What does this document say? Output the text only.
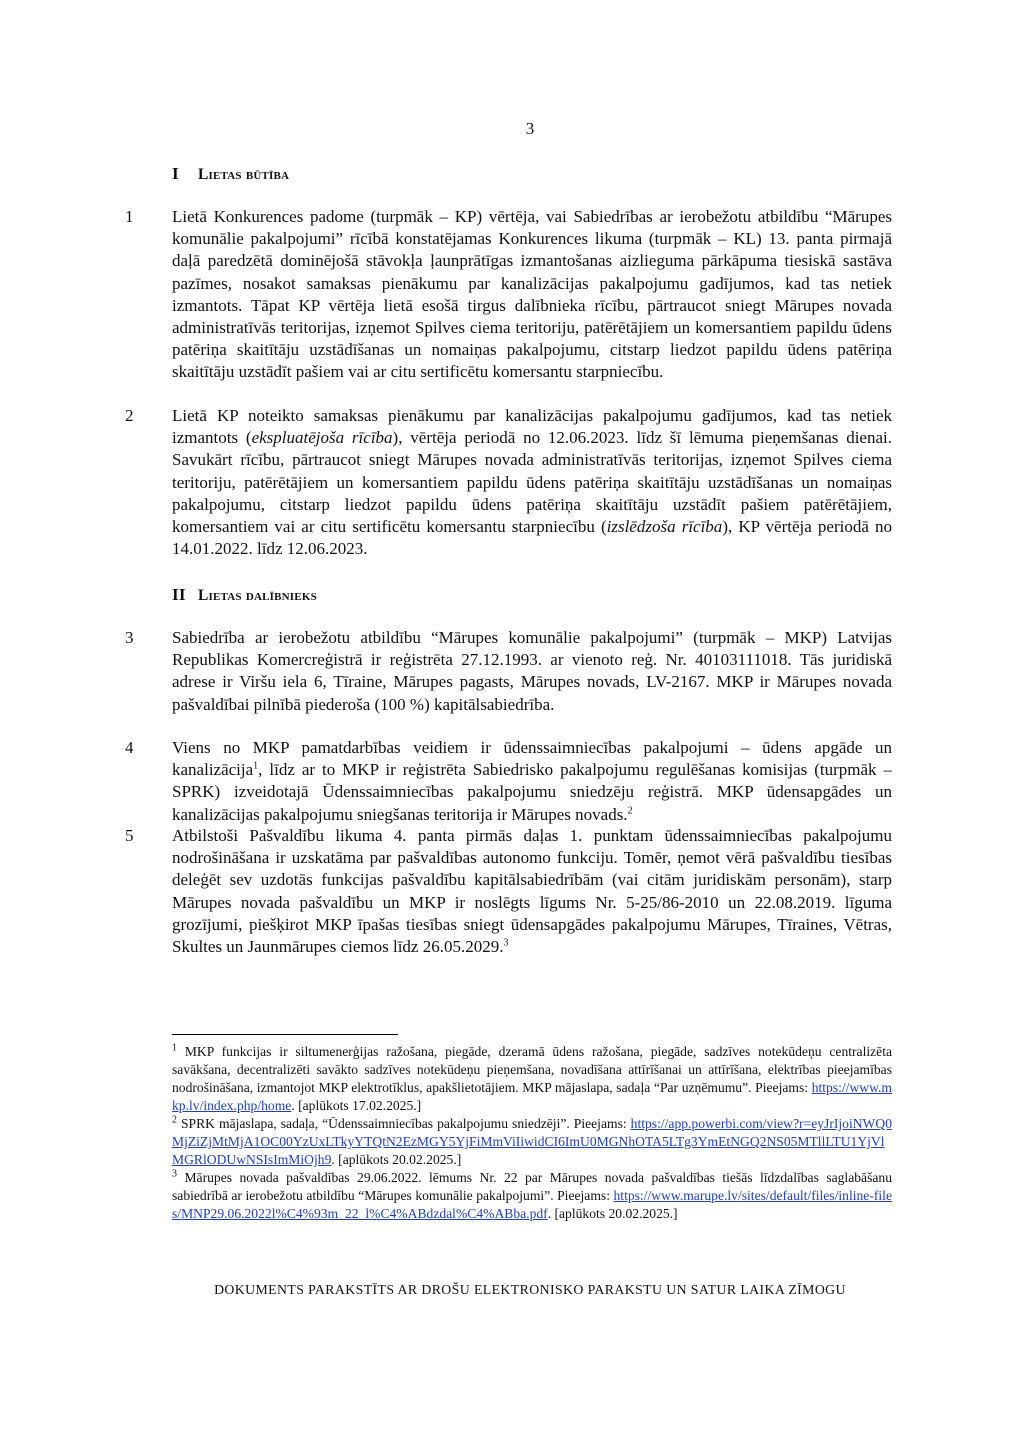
3
I Lietas būtība
1 Lietā Konkurences padome (turpmāk – KP) vērtēja, vai Sabiedrības ar ierobežotu atbildību “Mārupes komunālie pakalpojumi” rīcībā konstatējamas Konkurences likuma (turpmāk – KL) 13. panta pirmajā daļā paredzētā dominējošā stāvokļa ļaunprātīgas izmantošanas aizlieguma pārkāpuma tiesiskā sastāva pazīmes, nosakot samaksas pienākumu par kanalizācijas pakalpojumu gadījumos, kad tas netiek izmantots. Tāpat KP vērtēja lietā esošā tirgus dalībnieka rīcību, pārtraucot sniegt Mārupes novada administratīvās teritorijas, izņemot Spilves ciema teritoriju, patērētājiem un komersantiem papildu ūdens patēriņa skaitītāju uzstādīšanas un nomaiņas pakalpojumu, citstarp liedzot papildu ūdens patēriņa skaitītāju uzstādīt pašiem vai ar citu sertificētu komersantu starpniecību.
2 Lietā KP noteikto samaksas pienākumu par kanalizācijas pakalpojumu gadījumos, kad tas netiek izmantots (ekspluatējoša rīcība), vērtēja periodā no 12.06.2023. līdz šī lēmuma pieņemšanas dienai. Savukārt rīcību, pārtraucot sniegt Mārupes novada administratīvās teritorijas, izņemot Spilves ciema teritoriju, patērētājiem un komersantiem papildu ūdens patēriņa skaitītāju uzstādīšanas un nomaiņas pakalpojumu, citstarp liedzot papildu ūdens patēriņa skaitītāju uzstādīt pašiem patērētājiem, komersantiem vai ar citu sertificētu komersantu starpniecību (izslēdzoša rīcība), KP vērtēja periodā no 14.01.2022. līdz 12.06.2023.
II Lietas dalībnieks
3 Sabiedrība ar ierobežotu atbildību “Mārupes komunālie pakalpojumi” (turpmāk – MKP) Latvijas Republikas Komercreģistrā ir reģistrēta 27.12.1993. ar vienoto reģ. Nr. 40103111018. Tās juridiskā adrese ir Viršu iela 6, Tīraine, Mārupes pagasts, Mārupes novads, LV-2167. MKP ir Mārupes novada pašvaldībai pilnībā piederoša (100 %) kapitālsabiedrība.
4 Viens no MKP pamatdarbības veidiem ir ūdenssaimniecības pakalpojumi – ūdens apgāde un kanalizācija$^1$, līdz ar to MKP ir reģistrēta Sabiedrisko pakalpojumu regulēšanas komisijas (turpmāk – SPRK) izveidotajā Ūdenssaimniecības pakalpojumu sniedzēju reģistrā. MKP ūdensapgādes un kanalizācijas pakalpojumu sniegšanas teritorija ir Mārupes novads.$^2$
5 Atbilstoši Pašvaldību likuma 4. panta pirmās daļas 1. punktam ūdenssaimniecības pakalpojumu nodrošināšana ir uzskatāma par pašvaldības autonomo funkciju. Tomēr, ņemot vērā pašvaldību tiesības deleģēt sev uzdotās funkcijas pašvaldību kapitālsabiedrībām (vai citām juridiskām personām), starp Mārupes novada pašvaldību un MKP ir noslēgts līgums Nr. 5-25/86-2010 un 22.08.2019. līguma grozījumi, piešķirot MKP īpašas tiesības sniegt ūdensapgādes pakalpojumu Mārupes, Tīraines, Vētras, Skultes un Jaunmārupes ciemos līdz 26.05.2029.$^3$
$^1$ MKP funkcijas ir siltumenerģijas ražošana, piegāde, dzeramā ūdens ražošana, piegāde, sadzīves notekūdeņu centralizēta savākšana, decentralizēti savākto sadzīves notekūdeņu pieņemšana, novadīšana attīrīšanai un attīrīšana, elektrības pieejamības nodrošināšana, izmantojot MKP elektrotīklus, apakšlietotājiem. MKP mājaslapa, sadaļa “Par uzņēmumu”. Pieejams: https://www.mkp.lv/index.php/home. [aplūkots 17.02.2025.]
$^2$ SPRK mājaslapa, sadaļa, “Ūdenssaimniecības pakalpojumu sniedzēji”. Pieejams: https://app.powerbi.com/view?r=eyJrIjoiNWQ0MjZiZjMtMjA1OC00YzUxLTkyYTQtN2EzMGY5YjFiMmViIiwidCI6ImU0MGNhOTA5LTg3YmEtNGQ2NS05MTllLTU1YjVlMGRlODUwNSIsImMiOjh9. [aplūkots 20.02.2025.]
$^3$ Mārupes novada pašvaldības 29.06.2022. lēmums Nr. 22 par Mārupes novada pašvaldības tiešās līdzdalības saglabāšanu sabiedrībā ar ierobežotu atbildību “Mārupes komunālie pakalpojumi”. Pieejams: https://www.marupe.lv/sites/default/files/inline-files/MNP29.06.2022l%C4%93m_22_l%C4%ABdzdal%C4%ABba.pdf. [aplūkots 20.02.2025.]
DOKUMENTS PARAKSTĪTS AR DROŠU ELEKTRONISKO PARAKSTU UN SATUR LAIKA ZĪMOGU
